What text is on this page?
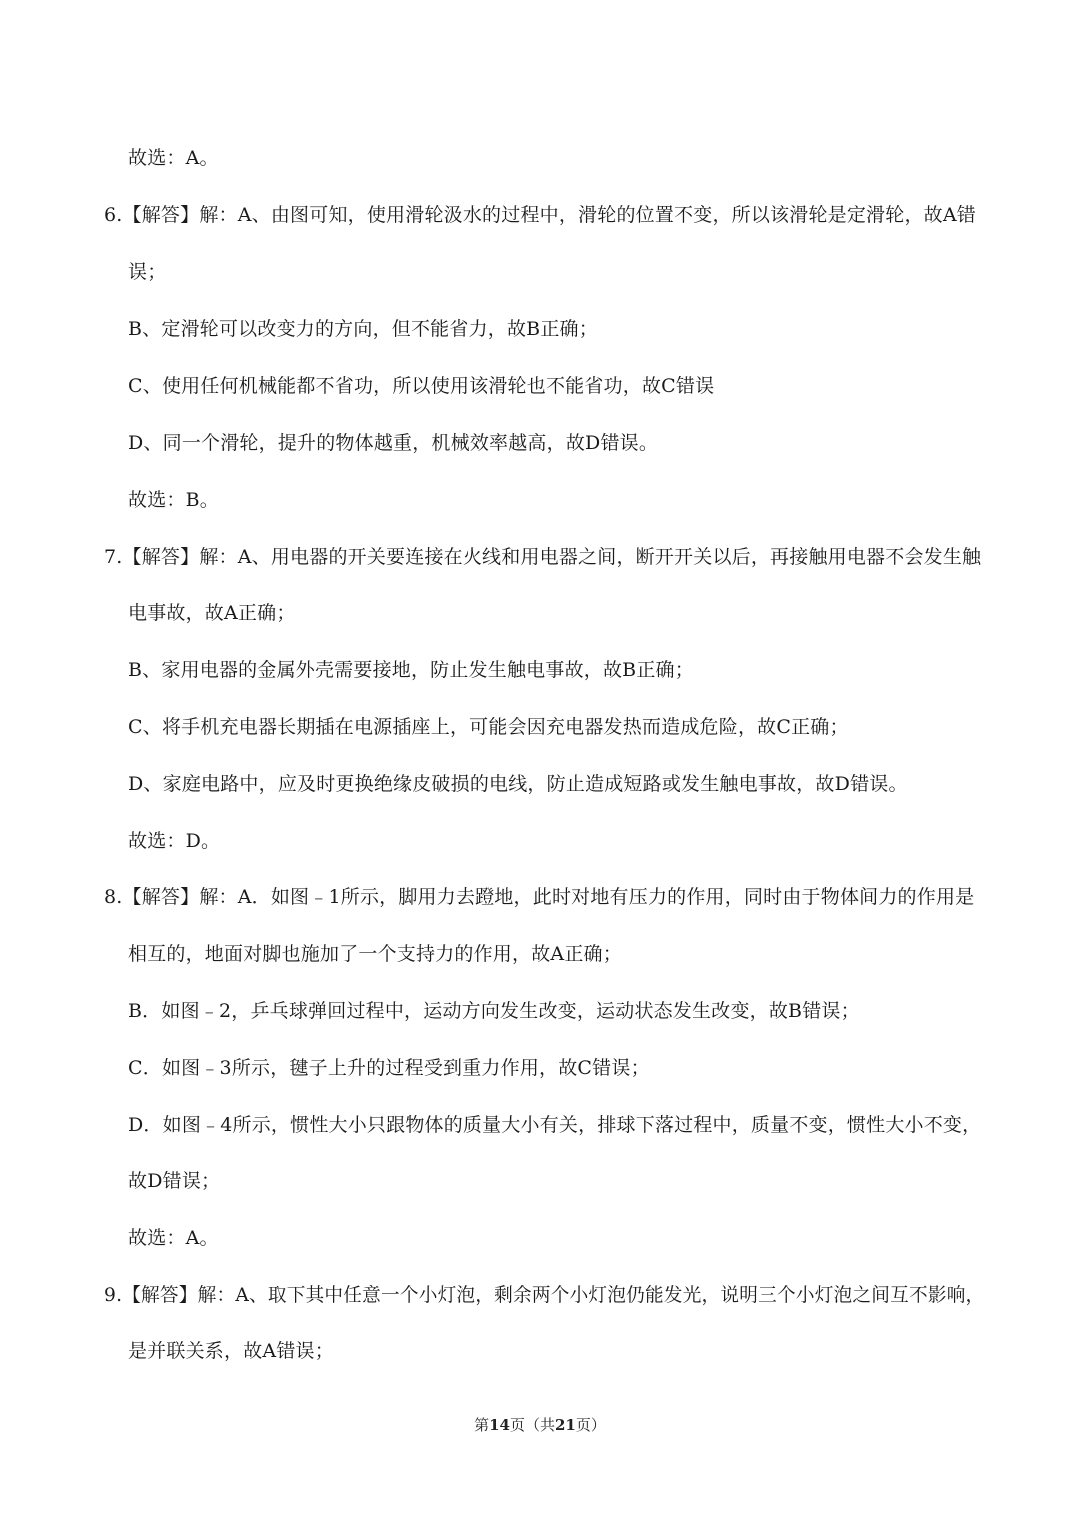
故选：A。
6.【解答】解：A、由图可知，使用滑轮汲水的过程中，滑轮的位置不变，所以该滑轮是定滑轮，故A错
误；
B、定滑轮可以改变力的方向，但不能省力，故B正确；
C、使用任何机械能都不省功，所以使用该滑轮也不能省功，故C错误
D、同一个滑轮，提升的物体越重，机械效率越高，故D错误。
故选：B。
7.【解答】解：A、用电器的开关要连接在火线和用电器之间，断开开关以后，再接触用电器不会发生触
电事故，故A正确；
B、家用电器的金属外壳需要接地，防止发生触电事故，故B正确；
C、将手机充电器长期插在电源插座上，可能会因充电器发热而造成危险，故C正确；
D、家庭电路中，应及时更换绝缘皮破损的电线，防止造成短路或发生触电事故，故D错误。
故选：D。
8.【解答】解：A．如图﹣1所示，脚用力去蹬地，此时对地有压力的作用，同时由于物体间力的作用是
相互的，地面对脚也施加了一个支持力的作用，故A正确；
B．如图﹣2，乒乓球弹回过程中，运动方向发生改变，运动状态发生改变，故B错误；
C．如图﹣3所示，毽子上升的过程受到重力作用，故C错误；
D．如图﹣4所示，惯性大小只跟物体的质量大小有关，排球下落过程中，质量不变，惯性大小不变，
故D错误；
故选：A。
9.【解答】解：A、取下其中任意一个小灯泡，剩余两个小灯泡仍能发光，说明三个小灯泡之间互不影响，
是并联关系，故A错误；
第14页（共21页）
